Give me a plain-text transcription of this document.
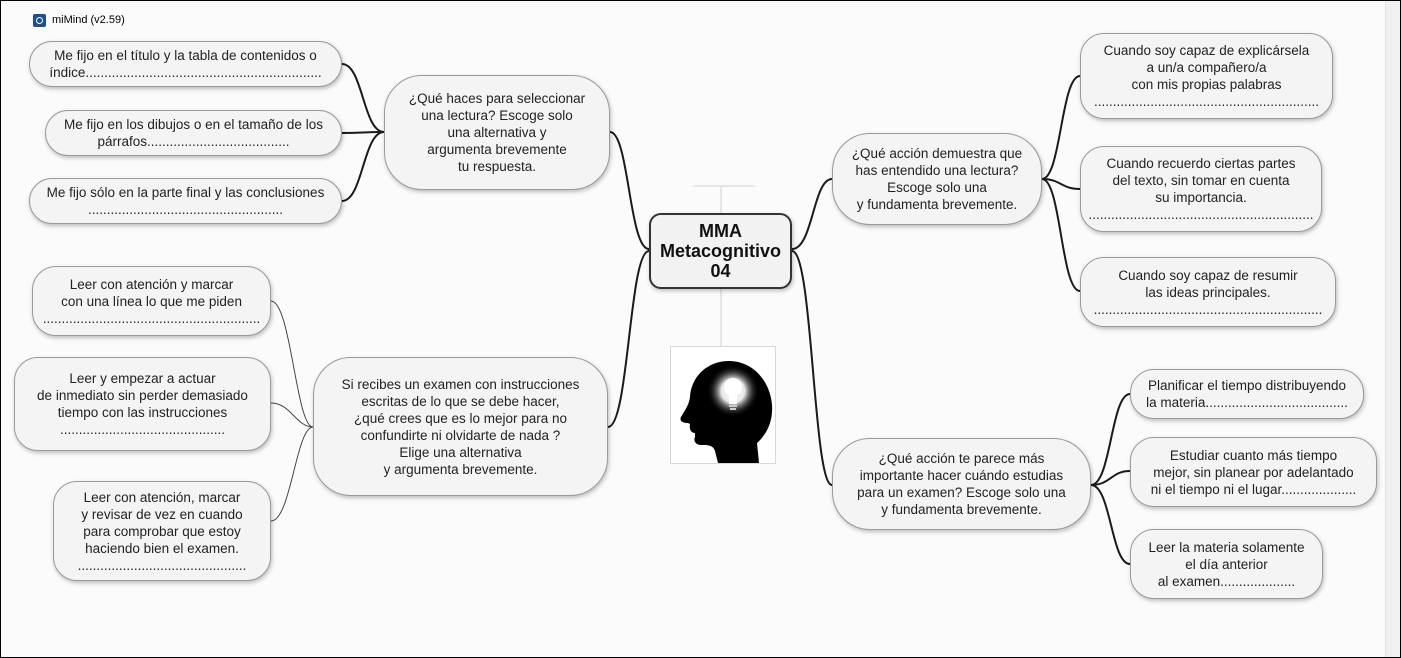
miMind (v2.59)
MMA
Metacognitivo
04
¿Qué haces para seleccionar
una lectura? Escoge solo
una alternativa y
argumenta brevemente
tu respuesta.
Me fijo en el título y la tabla de contenidos o
índice...............................................................
Me fijo en los dibujos o en el tamaño de los
párrafos......................................
Me fijo sólo en la parte final y las conclusiones
....................................................
Si recibes un examen con instrucciones
escritas de lo que se debe hacer,
¿qué crees que es lo mejor para no
confundirte ni olvidarte de nada ?
Elige una alternativa
y argumenta brevemente.
Leer con atención y marcar
con una línea lo que me piden
..........................................................
Leer y empezar a actuar
de inmediato sin perder demasiado
tiempo con las instrucciones
............................................
Leer con atención, marcar
y revisar de vez en cuando
para comprobar que estoy
haciendo bien el examen.
.............................................
¿Qué acción demuestra que
has entendido una lectura?
Escoge solo una
y fundamenta brevemente.
Cuando soy capaz de explicársela
a un/a compañero/a
con mis propias palabras
............................................................
Cuando recuerdo ciertas partes
del texto, sin tomar en cuenta
su importancia.
............................................................
Cuando soy capaz de resumir
las ideas principales.
.............................................................
¿Qué acción te parece más
importante hacer cuándo estudias
para un examen? Escoge solo una
y fundamenta brevemente.
Planificar el tiempo distribuyendo
la materia......................................
Estudiar cuanto más tiempo
mejor, sin planear por adelantado
ni el tiempo ni el lugar....................
Leer la materia solamente
el día anterior
al examen....................
